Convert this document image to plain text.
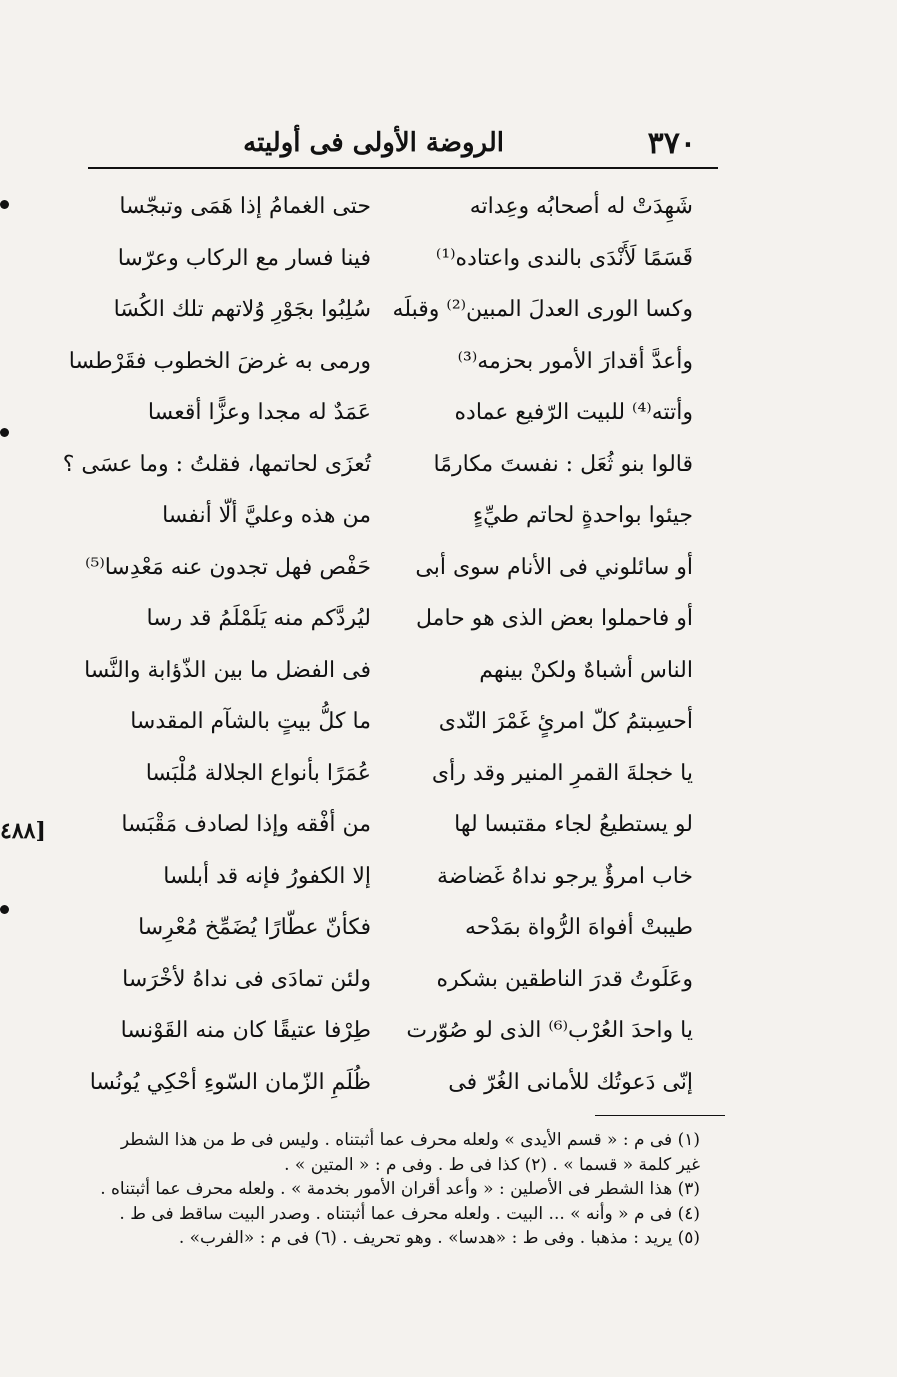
٣٧٠
الروضة الأولى فى أوليته
شَهِدَتْ له أصحابُه وعِداته
حتى الغمامُ إذا هَمَى وتبجّسا
قَسَمًا لَأَنْدَى بالندى واعتاده⁽¹⁾
فينا فسار مع الركاب وعرّسا
وكسا الورى العدلَ المبين⁽²⁾ وقبلَه
سُلِبُوا بجَوْرِ وُلاتهم تلك الكُسَا
وأعدَّ أقدارَ الأمور بحزمه⁽³⁾
ورمى به غرضَ الخطوب فقَرْطسا
وأتته⁽⁴⁾ للبيت الرّفيع عماده
عَمَدٌ له مجدا وعزًّا أقعسا
قالوا بنو ثُعَل : نفستَ مكارمًا
تُعزَى لحاتمها، فقلتُ : وما عسَى ؟
جيئوا بواحدةٍ لحاتم طيِّءٍ
من هذه وعليَّ ألّا أنفسا
أو سائلوني فى الأنام سوى أبى
حَفْص فهل تجدون عنه مَعْدِسا⁽⁵⁾
أو فاحملوا بعض الذى هو حامل
ليُردَّكم منه يَلَمْلَمُ قد رسا
الناس أشباهٌ ولكنْ بينهم
فى الفضل ما بين الذّؤابة والنَّسا
أحسِبتمُ كلّ امرئٍ غَمْرَ النّدى
ما كلُّ بيتٍ بالشآم المقدسا
يا خجلةَ القمرِ المنير وقد رأى
عُمَرًا بأنواع الجلالة مُلْبَسا
لو يستطيعُ لجاء مقتبسا لها
من أفْقه وإذا لصادف مَقْبَسا
خاب امرؤٌ يرجو نداهُ غَضاضة
إلا الكفورُ فإنه قد أبلسا
طيبتْ أفواهَ الرُّواة بمَدْحه
فكأنّ عطّارًا يُضَمِّخ مُعْرِسا
وعَلَوتُ قدرَ الناطقين بشكره
ولئن تمادَى فى نداهُ لأخْرَسا
يا واحدَ العُرْب⁽⁶⁾ الذى لو صُوّرت
طِرْفا عتيقًا كان منه القَوْنسا
إنّى دَعوتُك للأمانى الغُرّ فى
ظُلَمِ الزّمان السّوءِ أحْكِي يُونُسا
[٤٨٨
(١) فى م : « قسم الأيدى » ولعله محرف عما أثبتناه . وليس فى ط من هذا الشطر
غير كلمة « قسما » . (٢) كذا فى ط . وفى م : « المتين » .
(٣) هذا الشطر فى الأصلين : « وأعد أقران الأمور بخدمة » . ولعله محرف عما أثبتناه .
(٤) فى م « وأنه » ... البيت . ولعله محرف عما أثبتناه . وصدر البيت ساقط فى ط .
(٥) يريد : مذهبا . وفى ط : «هدسا» . وهو تحريف . (٦) فى م : «الفرب» .
